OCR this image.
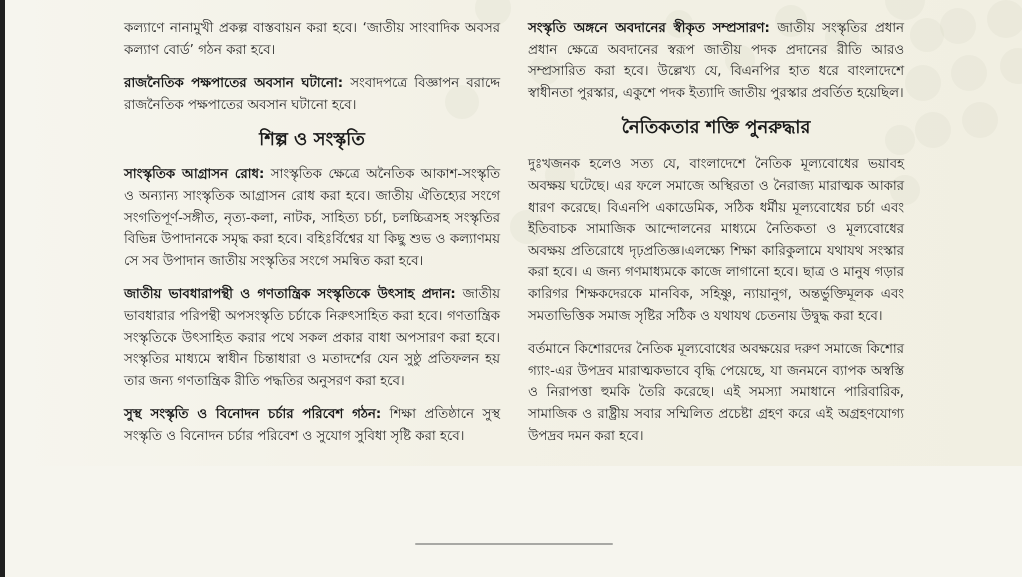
কল্যাণে নানামুখী প্রকল্প বাস্তবায়ন করা হবে। ‘জাতীয় সাংবাদিক অবসর কল্যাণ বোর্ড’ গঠন করা হবে।

রাজনৈতিক পক্ষপাতের অবসান ঘটানো: সংবাদপত্রে বিজ্ঞাপন বরাদ্দে রাজনৈতিক পক্ষপাতের অবসান ঘটানো হবে।

শিল্প ও সংস্কৃতি

সাংস্কৃতিক আগ্রাসন রোধ: সাংস্কৃতিক ক্ষেত্রে অনৈতিক আকাশ-সংস্কৃতি ও অন্যান্য সাংস্কৃতিক আগ্রাসন রোধ করা হবে। জাতীয় ঐতিহ্যের সংগে সংগতিপূর্ণ-সঙ্গীত, নৃত্য-কলা, নাটক, সাহিত্য চর্চা, চলচ্চিত্রসহ সংস্কৃতির বিভিন্ন উপাদানকে সমৃদ্ধ করা হবে। বহিঃর্বিশ্বের যা কিছু শুভ ও কল্যাণময় সে সব উপাদান জাতীয় সংস্কৃতির সংগে সমন্বিত করা হবে।

জাতীয় ভাবধারাপন্থী ও গণতান্ত্রিক সংস্কৃতিকে উৎসাহ প্রদান: জাতীয় ভাবধারার পরিপন্থী অপসংস্কৃতি চর্চাকে নিরুৎসাহিত করা হবে। গণতান্ত্রিক সংস্কৃতিকে উৎসাহিত করার পথে সকল প্রকার বাধা অপসারণ করা হবে। সংস্কৃতির মাধ্যমে স্বাধীন চিন্তাধারা ও মতাদর্শের যেন সুষ্ঠু প্রতিফলন হয় তার জন্য গণতান্ত্রিক রীতি পদ্ধতির অনুসরণ করা হবে।

সুস্থ সংস্কৃতি ও বিনোদন চর্চার পরিবেশ গঠন: শিক্ষা প্রতিষ্ঠানে সুস্থ সংস্কৃতি ও বিনোদন চর্চার পরিবেশ ও সুযোগ সুবিধা সৃষ্টি করা হবে।

সংস্কৃতি অঙ্গনে অবদানের স্বীকৃত সম্প্রসারণ: জাতীয় সংস্কৃতির প্রধান প্রধান ক্ষেত্রে অবদানের স্বরূপ জাতীয় পদক প্রদানের রীতি আরও সম্প্রসারিত করা হবে। উল্লেখ্য যে, বিএনপির হাত ধরে বাংলাদেশে স্বাধীনতা পুরস্কার, একুশে পদক ইত্যাদি জাতীয় পুরস্কার প্রবর্তিত হয়েছিল।

নৈতিকতার শক্তি পুনরুদ্ধার

দুঃখজনক হলেও সত্য যে, বাংলাদেশে নৈতিক মূল্যবোধের ভয়াবহ অবক্ষয় ঘটেছে। এর ফলে সমাজে অস্থিরতা ও নৈরাজ্য মারাত্মক আকার ধারণ করেছে। বিএনপি একাডেমিক, সঠিক ধর্মীয় মূল্যবোধের চর্চা এবং ইতিবাচক সামাজিক আন্দোলনের মাধ্যমে নৈতিকতা ও মূল্যবোধের অবক্ষয় প্রতিরোধে দৃঢ়প্রতিজ্ঞ।এলক্ষ্যে শিক্ষা কারিকুলামে যথাযথ সংস্কার করা হবে। এ জন্য গণমাধ্যমকে কাজে লাগানো হবে। ছাত্র ও মানুষ গড়ার কারিগর শিক্ষকদেরকে মানবিক, সহিষ্ণু, ন্যায়ানুগ, অন্তর্ভুক্তিমূলক এবং সমতাভিত্তিক সমাজ সৃষ্টির সঠিক ও যথাযথ চেতনায় উদ্বুদ্ধ করা হবে।

বর্তমানে কিশোরদের নৈতিক মূল্যবোধের অবক্ষয়ের দরুণ সমাজে কিশোর গ্যাং-এর উপদ্রব মারাত্মকভাবে বৃদ্ধি পেয়েছে, যা জনমনে ব্যাপক অস্বস্তি ও নিরাপত্তা হুমকি তৈরি করেছে। এই সমস্যা সমাধানে পারিবারিক, সামাজিক ও রাষ্ট্রীয় সবার সম্মিলিত প্রচেষ্টা গ্রহণ করে এই অগ্রহণযোগ্য উপদ্রব দমন করা হবে।
